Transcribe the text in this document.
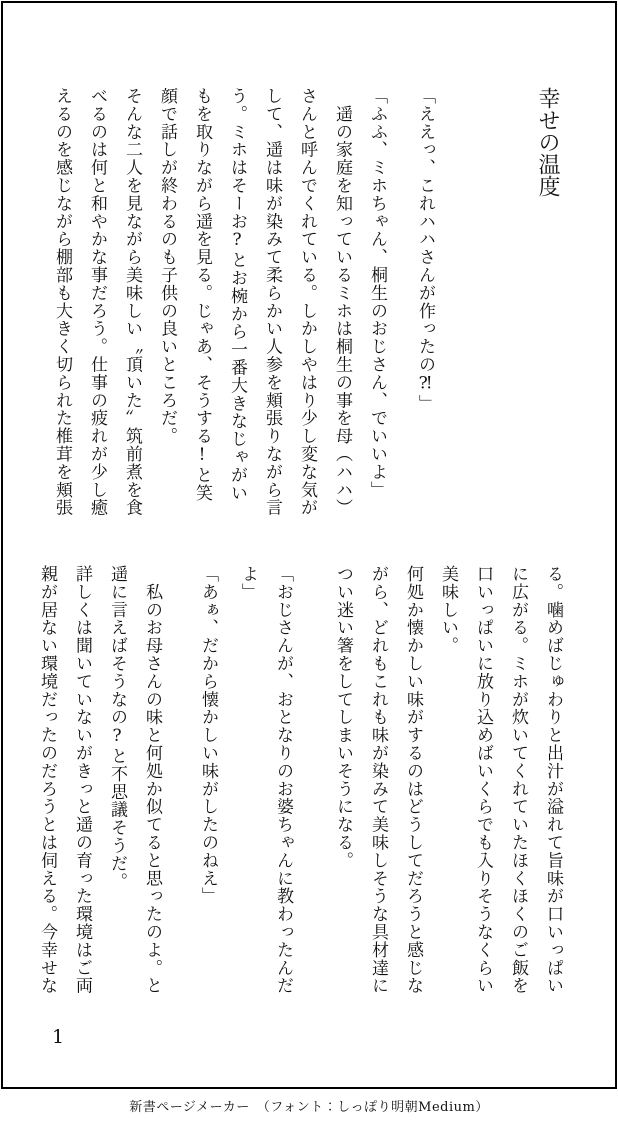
幸せの温度

「ええっ、これハハさんが作ったの⁈」

「ふふ、ミホちゃん、桐生のおじさん、でいいよ」

　遥の家庭を知っているミホは桐生の事を母（ハハ）さんと呼んでくれている。しかしやはり少し変な気がして、遥は味が染みて柔らかい人参を頬張りながら言う。ミホはそーお?とお椀から一番大きなじゃがいもを取りながら遥を見る。じゃあ、そうする!と笑顔で話しが終わるのも子供の良いところだ。

そんな二人を見ながら美味しい〝頂いた〟筑前煮を食べるのは何と和やかな事だろう。仕事の疲れが少し癒えるのを感じながら棚部も大きく切られた椎茸を頬張

る。噛めばじゅわりと出汁が溢れて旨味が口いっぱいに広がる。ミホが炊いてくれていたほくほくのご飯を口いっぱいに放り込めばいくらでも入りそうなくらい美味しい。

何処か懐かしい味がするのはどうしてだろうと感じながら、どれもこれも味が染みて美味しそうな具材達につい迷い箸をしてしまいそうになる。

「おじさんが、おとなりのお婆ちゃんに教わったんだよ」

「あぁ、だから懐かしい味がしたのねえ」

　私のお母さんの味と何処か似てると思ったのよ。と遥に言えばそうなの?と不思議そうだ。

詳しくは聞いていないがきっと遥の育った環境はご両親が居ない環境だったのだろうとは伺える。今幸せな

1
新書ページメーカー　（フォント：しっぽり明朝Medium）
